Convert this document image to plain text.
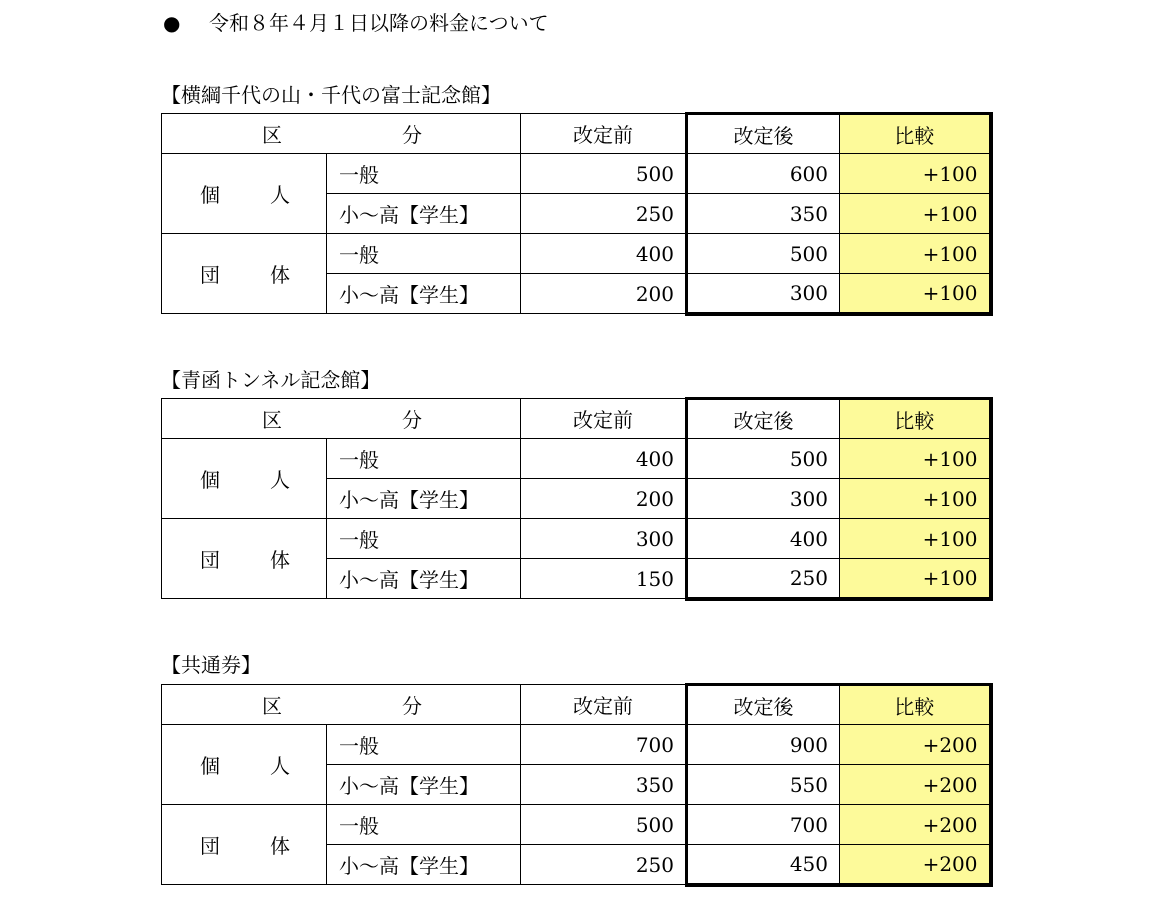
● 令和８年４月１日以降の料金について
【横綱千代の山・千代の富士記念館】
区 分		改定前	改定後	比較

個 人	一般	500	600	+100
	小～高【学生】	250	350	+100

団 体	一般	400	500	+100
	小～高【学生】	200	300	+100
【青函トンネル記念館】
区 分		改定前	改定後	比較

個 人	一般	400	500	+100
	小～高【学生】	200	300	+100

団 体	一般	300	400	+100
	小～高【学生】	150	250	+100
【共通券】
区 分		改定前	改定後	比較

個 人	一般	700	900	+200
	小～高【学生】	350	550	+200

団 体	一般	500	700	+200
	小～高【学生】	250	450	+200
